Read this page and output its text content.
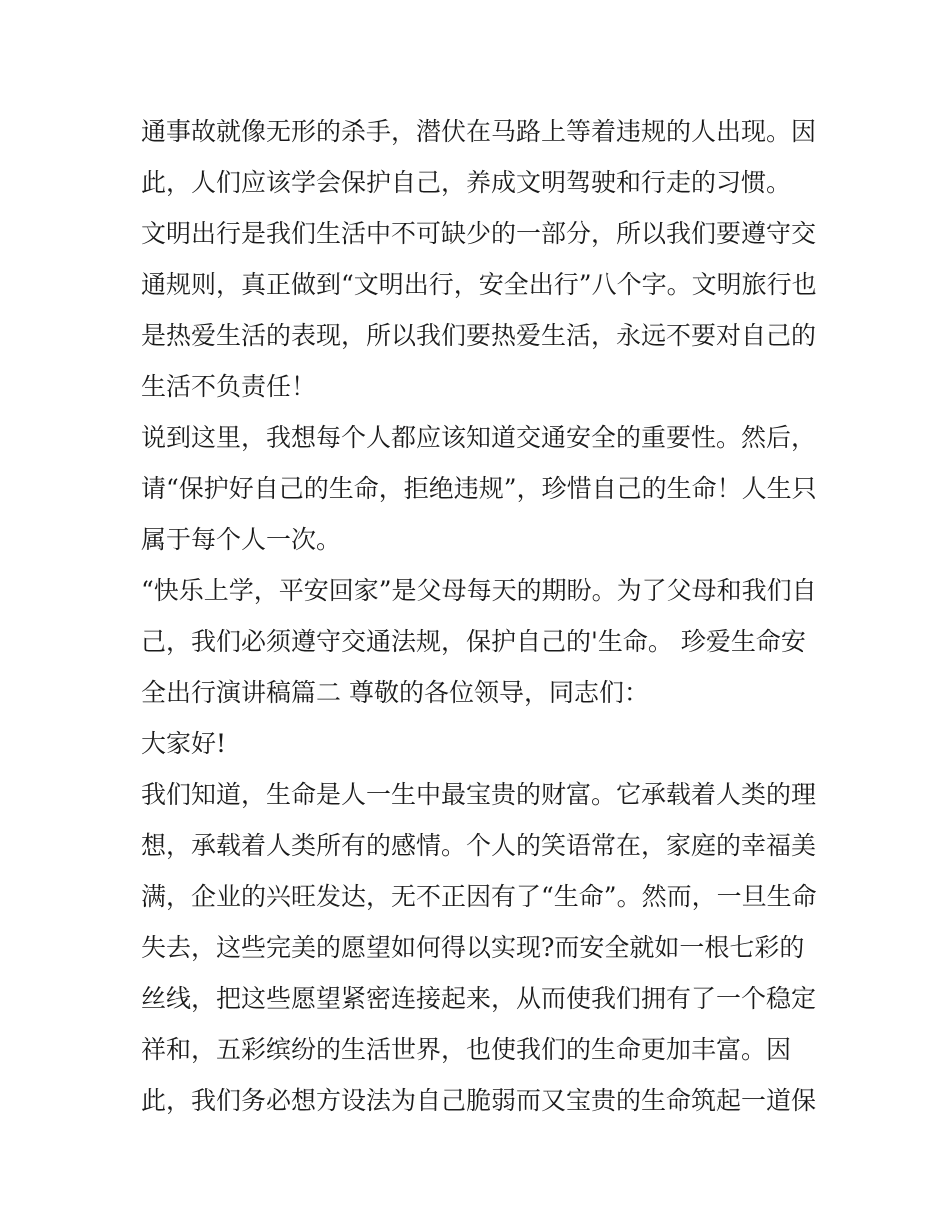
通事故就像无形的杀手，潜伏在马路上等着违规的人出现。因
此，人们应该学会保护自己，养成文明驾驶和行走的习惯。
文明出行是我们生活中不可缺少的一部分，所以我们要遵守交
通规则，真正做到“文明出行，安全出行”八个字。文明旅行也
是热爱生活的表现，所以我们要热爱生活，永远不要对自己的
生活不负责任！
说到这里，我想每个人都应该知道交通安全的重要性。然后，
请“保护好自己的生命，拒绝违规”，珍惜自己的生命！人生只
属于每个人一次。
“快乐上学，平安回家”是父母每天的期盼。为了父母和我们自
己，我们必须遵守交通法规，保护自己的'生命。 珍爱生命安
全出行演讲稿篇二 尊敬的各位领导，同志们：
大家好!
我们知道，生命是人一生中最宝贵的财富。它承载着人类的理
想，承载着人类所有的感情。个人的笑语常在，家庭的幸福美
满，企业的兴旺发达，无不正因有了“生命”。然而，一旦生命
失去，这些完美的愿望如何得以实现?而安全就如一根七彩的
丝线，把这些愿望紧密连接起来，从而使我们拥有了一个稳定
祥和，五彩缤纷的生活世界，也使我们的生命更加丰富。因
此，我们务必想方设法为自己脆弱而又宝贵的生命筑起一道保
